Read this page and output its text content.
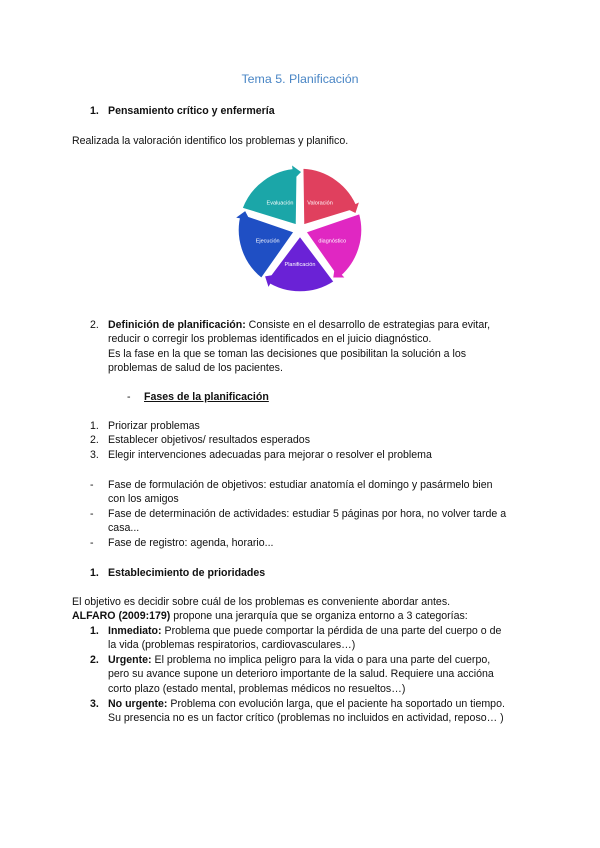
Tema 5. Planificación
1. Pensamiento crítico y enfermería
Realizada la valoración identifico los problemas y planifico.
Valoración
diagnóstico
Planificación
Ejecución
Evaluación
2. Definición de planificación: Consiste en el desarrollo de estrategias para evitar,
reducir o corregir los problemas identificados en el juicio diagnóstico.
Es la fase en la que se toman las decisiones que posibilitan la solución a los
problemas de salud de los pacientes.
- Fases de la planificación
1. Priorizar problemas
2. Establecer objetivos/ resultados esperados
3. Elegir intervenciones adecuadas para mejorar o resolver el problema
- Fase de formulación de objetivos: estudiar anatomía el domingo y pasármelo bien
con los amigos
- Fase de determinación de actividades: estudiar 5 páginas por hora, no volver tarde a
casa...
- Fase de registro: agenda, horario...
1. Establecimiento de prioridades
El objetivo es decidir sobre cuál de los problemas es conveniente abordar antes.
ALFARO (2009:179) propone una jerarquía que se organiza entorno a 3 categorías:
1. Inmediato: Problema que puede comportar la pérdida de una parte del cuerpo o de
la vida (problemas respiratorios, cardiovasculares…)
2. Urgente: El problema no implica peligro para la vida o para una parte del cuerpo,
pero su avance supone un deterioro importante de la salud. Requiere una accióna
corto plazo (estado mental, problemas médicos no resueltos…)
3. No urgente: Problema con evolución larga, que el paciente ha soportado un tiempo.
Su presencia no es un factor crítico (problemas no incluidos en actividad, reposo… )
